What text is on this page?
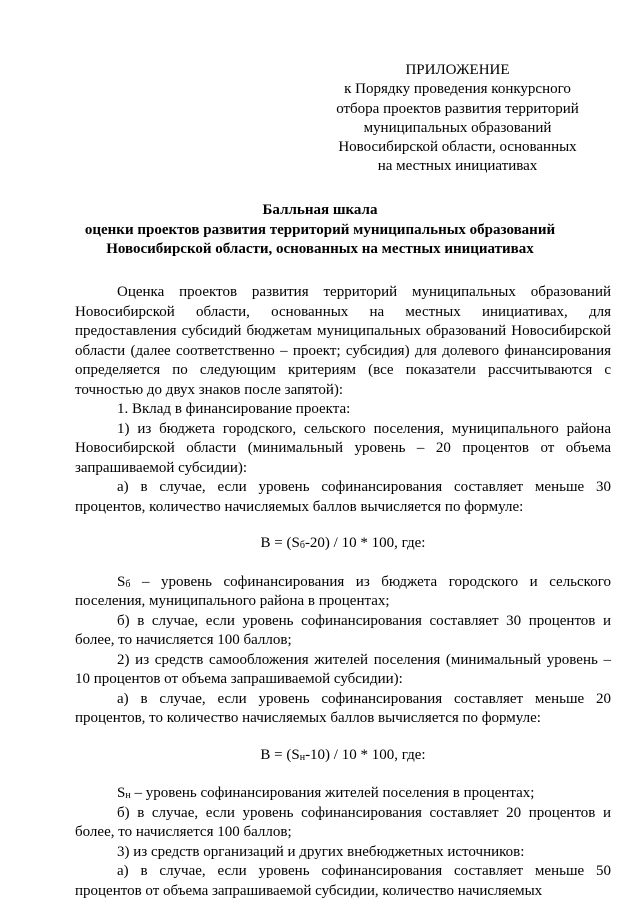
ПРИЛОЖЕНИЕ
к Порядку проведения конкурсного
отбора проектов развития территорий
муниципальных образований
Новосибирской области, основанных
на местных инициативах
Балльная шкала
оценки проектов развития территорий муниципальных образований
Новосибирской области, основанных на местных инициативах

Оценка проектов развития территорий муниципальных образований Новосибирской области, основанных на местных инициативах, для предоставления субсидий бюджетам муниципальных образований Новосибирской области (далее соответственно – проект; субсидия) для долевого финансирования определяется по следующим критериям (все показатели рассчитываются с точностью до двух знаков после запятой):

1. Вклад в финансирование проекта:

1) из бюджета городского, сельского поселения, муниципального района Новосибирской области (минимальный уровень – 20 процентов от объема запрашиваемой субсидии):

а) в случае, если уровень софинансирования составляет меньше 30 процентов, количество начисляемых баллов вычисляется по формуле:

$B = (S_б-20) / 10 * 100$, где:

$S_б$ – уровень софинансирования из бюджета городского и сельского поселения, муниципального района в процентах;

б) в случае, если уровень софинансирования составляет 30 процентов и более, то начисляется 100 баллов;

2) из средств самообложения жителей поселения (минимальный уровень – 10 процентов от объема запрашиваемой субсидии):

а) в случае, если уровень софинансирования составляет меньше 20 процентов, то количество начисляемых баллов вычисляется по формуле:

$B = (S_н-10) / 10 * 100$, где:

$S_н$ – уровень софинансирования жителей поселения в процентах;

б) в случае, если уровень софинансирования составляет 20 процентов и более, то начисляется 100 баллов;

3) из средств организаций и других внебюджетных источников:

а) в случае, если уровень софинансирования составляет меньше 50 процентов от объема запрашиваемой субсидии, количество начисляемых
